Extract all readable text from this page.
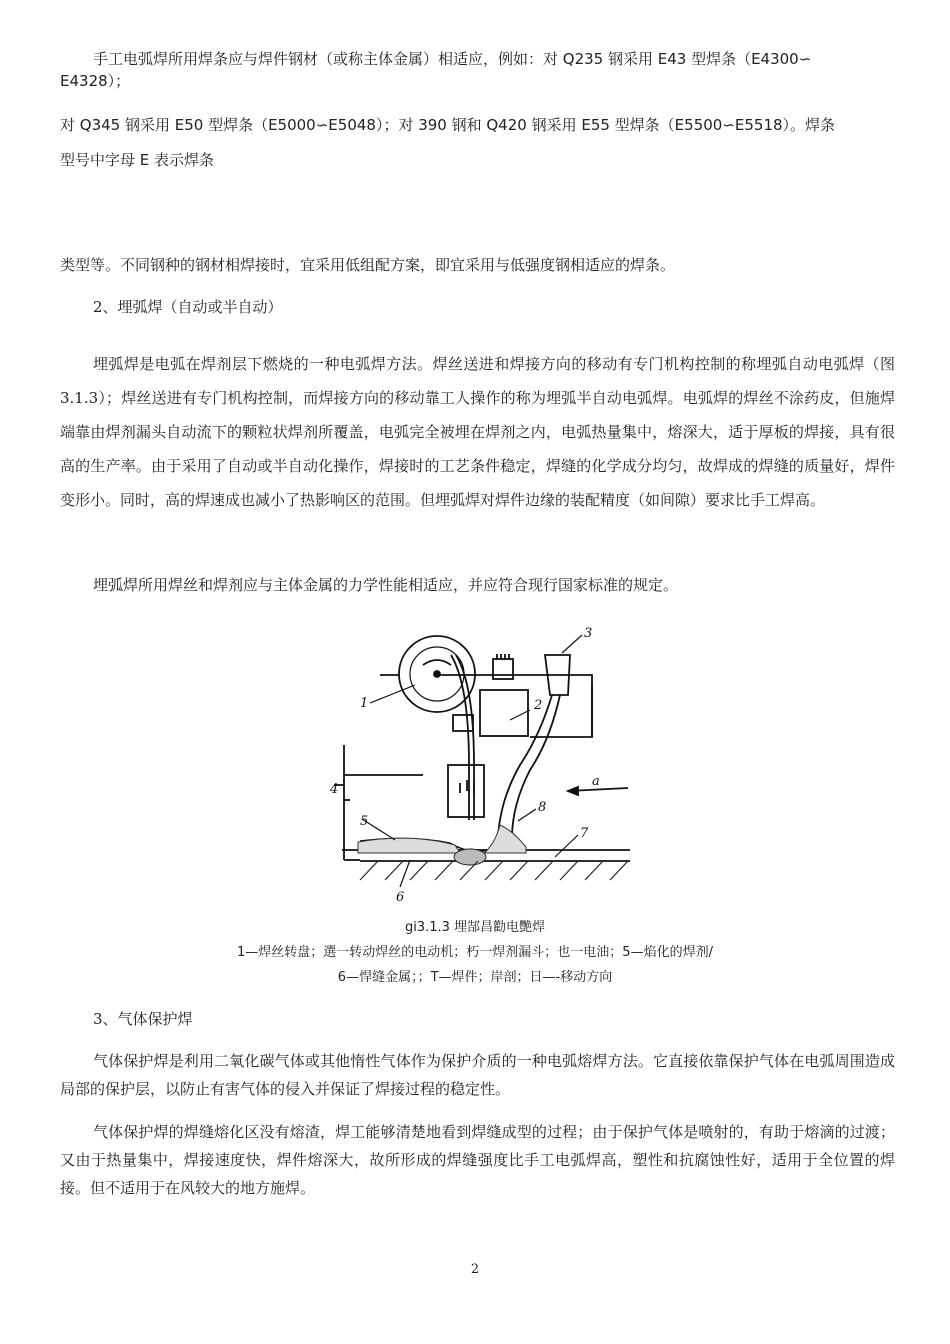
手工电弧焊所用焊条应与焊件钢材（或称主体金属）相适应，例如：对 Q235 钢采用 E43 型焊条（E4300∽

E4328）；

对 Q345 钢采用 E50 型焊条（E5000∽E5048）；对 390 钢和 Q420 钢采用 E55 型焊条（E5500∽E5518）。焊条
型号中字母 E 表示焊条

类型等。不同钢种的钢材相焊接时，宜采用低组配方案，即宜采用与低强度钢相适应的焊条。

2、埋弧焊（自动或半自动）

埋弧焊是电弧在焊剂层下燃烧的一种电弧焊方法。焊丝送进和焊接方向的移动有专门机构控制的称埋弧自动电弧焊（图 3.1.3）；焊丝送进有专门机构控制，而焊接方向的移动靠工人操作的称为埋弧半自动电弧焊。电弧焊的焊丝不涂药皮，但施焊端靠由焊剂漏头自动流下的颗粒状焊剂所覆盖，电弧完全被埋在焊剂之内，电弧热量集中，熔深大，适于厚板的焊接，具有很高的生产率。由于采用了自动或半自动化操作，焊接时的工艺条件稳定，焊缝的化学成分均匀，故焊成的焊缝的质量好，焊件变形小。同时，高的焊速成也减小了热影响区的范围。但埋弧焊对焊件边缘的装配精度（如间隙）要求比手工焊高。

埋弧焊所用焊丝和焊剂应与主体金属的力学性能相适应，并应符合现行国家标准的规定。

1	2
3
4
5
6
7
8
a

gi3.1.3 埋郜昌勸电艷焊

1—焊丝转盘；選一转动焊丝的电动机；朽一焊剂漏斗；也一电油；5—焰化的焊剂/

6—悍缝金属；；T—焊件；岸剖；日—-移动方向

3、气体保护焊

气体保护焊是利用二氧化碳气体或其他惰性气体作为保护介质的一种电弧熔焊方法。它直接依靠保护气体在电弧周围造成局部的保护层，以防止有害气体的侵入并保证了焊接过程的稳定性。

气体保护焊的焊缝熔化区没有熔渣，焊工能够清楚地看到焊缝成型的过程；由于保护气体是喷射的，有助于熔滴的过渡；又由于热量集中，焊接速度快，焊件熔深大，故所形成的焊缝强度比手工电弧焊高，塑性和抗腐蚀性好，适用于全位置的焊接。但不适用于在风较大的地方施焊。

2
